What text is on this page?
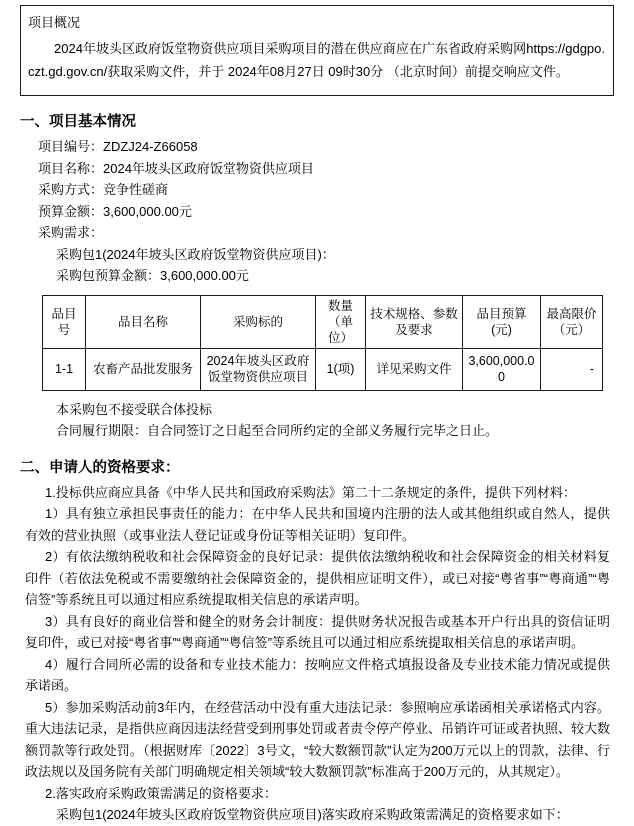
项目概况

2024年坡头区政府饭堂物资供应项目采购项目的潜在供应商应在广东省政府采购网https://gdgpo.czt.gd.gov.cn/获取采购文件，并于 2024年08月27日 09时30分 （北京时间）前提交响应文件。

一、项目基本情况
项目编号：ZDZJ24-Z66058
项目名称：2024年坡头区政府饭堂物资供应项目
采购方式：竞争性磋商
预算金额：3,600,000.00元
采购需求：
采购包1(2024年坡头区政府饭堂物资供应项目)：
采购包预算金额：3,600,000.00元
品目号	品目名称	采购标的	数量（单位）	技术规格、参数及要求	品目预算(元)	最高限价（元）
1-1	农畜产品批发服务	2024年坡头区政府饭堂物资供应项目	1(项)	详见采购文件	3,600,000.00	-
本采购包不接受联合体投标
合同履行期限：自合同签订之日起至合同所约定的全部义务履行完毕之日止。
二、申请人的资格要求：

1.投标供应商应具备《中华人民共和国政府采购法》第二十二条规定的条件，提供下列材料：

1）具有独立承担民事责任的能力：在中华人民共和国境内注册的法人或其他组织或自然人，提供有效的营业执照（或事业法人登记证或身份证等相关证明）复印件。

2）有依法缴纳税收和社会保障资金的良好记录：提供依法缴纳税收和社会保障资金的相关材料复印件（若依法免税或不需要缴纳社会保障资金的，提供相应证明文件），或已对接“粤省事”“粤商通”“粤信签”等系统且可以通过相应系统提取相关信息的承诺声明。

3）具有良好的商业信誉和健全的财务会计制度：提供财务状况报告或基本开户行出具的资信证明复印件，或已对接“粤省事”“粤商通”“粤信签”等系统且可以通过相应系统提取相关信息的承诺声明。

4）履行合同所必需的设备和专业技术能力：按响应文件格式填报设备及专业技术能力情况或提供承诺函。

5）参加采购活动前3年内，在经营活动中没有重大违法记录：参照响应承诺函相关承诺格式内容。重大违法记录，是指供应商因违法经营受到刑事处罚或者责令停产停业、吊销许可证或者执照、较大数额罚款等行政处罚。（根据财库〔2022〕3号文，“较大数额罚款”认定为200万元以上的罚款，法律、行政法规以及国务院有关部门明确规定相关领域“较大数额罚款”标准高于200万元的，从其规定）。

2.落实政府采购政策需满足的资格要求：

采购包1(2024年坡头区政府饭堂物资供应项目)落实政府采购政策需满足的资格要求如下：
